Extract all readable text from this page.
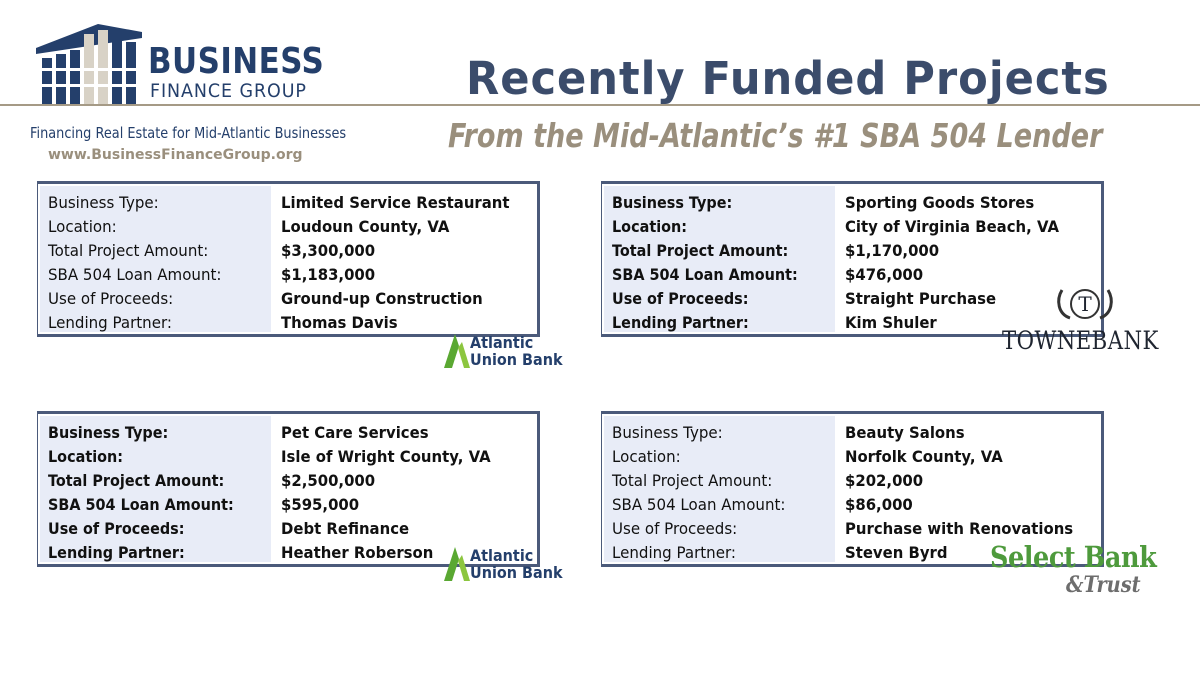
BUSINESS
FINANCE GROUP
Financing Real Estate for Mid-Atlantic Businesses
www.BusinessFinanceGroup.org
Recently Funded Projects
From the Mid-Atlantic’s #1 SBA 504 Lender
Business Type:
Location:
Total Project Amount:
SBA 504 Loan Amount:
Use of Proceeds:
Lending Partner:
Limited Service Restaurant
Loudoun County, VA
$3,300,000
$1,183,000
Ground-up Construction
Thomas Davis
Business Type:
Location:
Total Project Amount:
SBA 504 Loan Amount:
Use of Proceeds:
Lending Partner:
Sporting Goods Stores
City of Virginia Beach, VA
$1,170,000
$476,000
Straight Purchase
Kim Shuler
Business Type:
Location:
Total Project Amount:
SBA 504 Loan Amount:
Use of Proceeds:
Lending Partner:
Pet Care Services
Isle of Wright County, VA
$2,500,000
$595,000
Debt Refinance
Heather Roberson
Business Type:
Location:
Total Project Amount:
SBA 504 Loan Amount:
Use of Proceeds:
Lending Partner:
Beauty Salons
Norfolk County, VA
$202,000
$86,000
Purchase with Renovations
Steven Byrd
Atlantic
Union Bank
Atlantic
Union Bank
T
TOWNEBANK
Select Bank
&Trust
